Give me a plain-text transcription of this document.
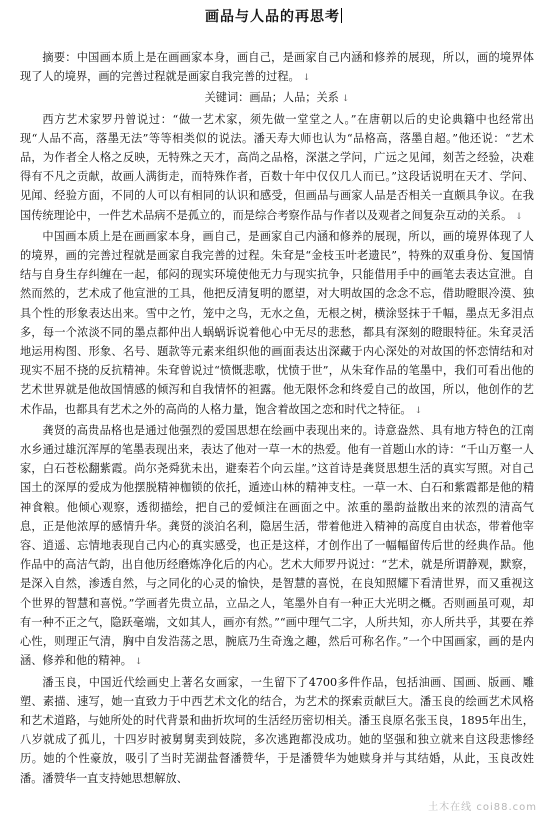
画品与人品的再思考

摘要：中国画本质上是在画画家本身，画自己，是画家自己内涵和修养的展现，所以，画的境界体现了人的境界，画的完善过程就是画家自我完善的过程。 ↓

关键词：画品；人品；关系 ↓

西方艺术家罗丹曾说过：“做一艺术家，须先做一堂堂之人。”在唐朝以后的史论典籍中也经常出现“人品不高，落墨无法”等等相类似的说法。潘天寿大师也认为“品格高，落墨自超。”他还说：“艺术品，为作者全人格之反映，无特殊之天才，高尚之品格，深湛之学问，广远之见闻，刻苦之经验，决难得有不凡之贡献，故画人满街走，而特殊作者，百数十年中仅仅几人而已。”这段话说明在天才、学问、见闻、经验方面，不同的人可以有相同的认识和感受，但画品与画家人品是否相关一直颇具争议。在我国传统理论中，一件艺术品病不是孤立的，而是综合考察作品与作者以及观者之间复杂互动的关系。 ↓

中国画本质上是在画画家本身，画自己，是画家自己内涵和修养的展现，所以，画的境界体现了人的境界，画的完善过程就是画家自我完善的过程。朱耷是“金枝玉叶老遗民”，特殊的双重身份、复国情结与自身生存纠缠在一起，郁闷的现实环境使他无力与现实抗争，只能借用手中的画笔去表达宣泄。自然而然的，艺术成了他宣泄的工具，他把反清复明的愿望，对大明故国的念念不忘，借助瞪眼冷漠、独具个性的形象表达出来。雪中之竹，笼中之鸟，无水之鱼，无根之树，横涂竖抹于千幅，墨点无多泪点多，每一个浓淡不同的墨点都仲出人蜗蜗诉说着他心中无尽的悲愁，都具有深刻的瞪眼特征。朱耷灵活地运用构图、形象、名号、题款等元素来组织他的画面表达出深藏于内心深处的对故国的怀恋情结和对现实不屈不挠的反抗精神。朱耷曾说过“愤慨悲歌，忧愤于世”，从朱耷作品的笔墨中，我们可看出他的艺术世界就是他故国情感的倾泻和自我情怀的袒露。他无限怀念和终爱自己的故国，所以，他创作的艺术作品，也都具有艺术之外的高尚的人格力量，饱含着故国之恋和时代之特征。 ↓

龚贤的高贵品格也是通过他强烈的爱国思想在绘画中表现出来的。诗意盎然、具有地方特色的江南水乡通过雄沉浑厚的笔墨表现出来，表达了他对一草一木的热爱。他有一首题山水的诗：“千山万壑一人家，白石苍松翻紫霞。尚尔尧舜犹未出，避秦若个向云崖。”这首诗是龚贤思想生活的真实写照。对自己国土的深厚的爱成为他摆脱精神枷锁的依托，遁迹山林的精神支柱。一草一木、白石和紫霞都是他的精神食粮。他倾心观察，透彻描绘，把自己的爱倾注在画面之中。浓重的墨韵益散出来的浓烈的清高气息，正是他浓厚的感情升华。龚贤的淡泊名利，隐居生活，带着他进入精神的高度自由状态，带着他宰容、逍遥、忘情地表现自己内心的真实感受，也正是这样，才创作出了一幅幅留传后世的经典作品。他作品中的高洁气韵，出自他历经磨炼净化后的内心。艺术大师罗丹说过：“艺术，就是所谓静观，默察，是深入自然，渗透自然，与之同化的心灵的愉快，是智慧的喜悦，在良知照耀下看清世界，而又重视这个世界的智慧和喜悦。”学画者先贵立品，立品之人，笔墨外自有一种正大光明之概。否则画虽可观，却有一种不正之气，隐跃毫端，文如其人，画亦有然。”“画中理气二字，人所共知，亦人所共乎，其要在养心性，则理正气清，胸中自发浩荡之思，腕底乃生奇逸之趣，然后可称名作。”一个中国画家，画的是内涵、修养和他的精神。 ↓

潘玉良，中国近代绘画史上著名女画家，一生留下了4700多件作品，包括油画、国画、版画、雕塑、素描、速写，她一直致力于中西艺术文化的结合，为艺术的探索贡献巨大。潘玉良的绘画艺术风格和艺术道路，与她所处的时代背景和曲折坎坷的生活经历密切相关。潘玉良原名张玉良，1895年出生，八岁就成了孤儿，十四岁时被舅舅卖到妓院，多次逃跑都没成功。她的坚强和独立就来自这段悲惨经历。她的个性豪放，吸引了当时芜湖盐督潘赞华，于是潘赞华为她赎身并与其结婚，从此，玉良改姓潘。潘赞华一直支持她思想解放、

土木在线 coi88.com
